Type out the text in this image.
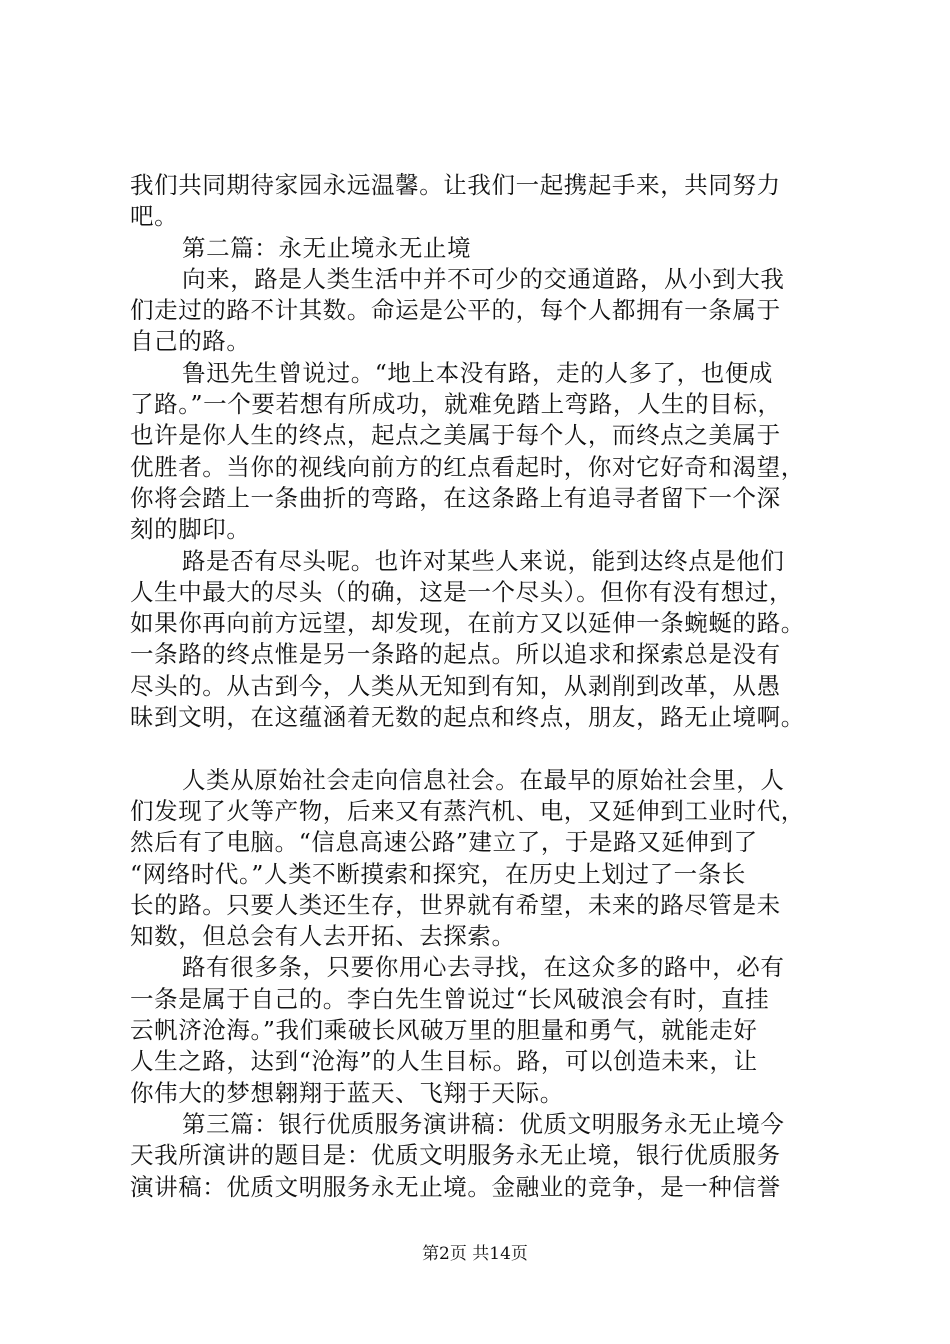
我们共同期待家园永远温馨。让我们一起携起手来，共同努力
吧。
第二篇：永无止境永无止境
向来，路是人类生活中并不可少的交通道路，从小到大我
们走过的路不计其数。命运是公平的，每个人都拥有一条属于
自己的路。
鲁迅先生曾说过。“地上本没有路，走的人多了，也便成
了路。”一个要若想有所成功，就难免踏上弯路，人生的目标，
也许是你人生的终点，起点之美属于每个人，而终点之美属于
优胜者。当你的视线向前方的红点看起时，你对它好奇和渴望，
你将会踏上一条曲折的弯路，在这条路上有追寻者留下一个深
刻的脚印。
路是否有尽头呢。也许对某些人来说，能到达终点是他们
人生中最大的尽头（的确，这是一个尽头）。但你有没有想过，
如果你再向前方远望，却发现，在前方又以延伸一条蜿蜒的路。
一条路的终点惟是另一条路的起点。所以追求和探索总是没有
尽头的。从古到今，人类从无知到有知，从剥削到改革，从愚
昧到文明，在这蕴涵着无数的起点和终点，朋友，路无止境啊。
人类从原始社会走向信息社会。在最早的原始社会里，人
们发现了火等产物，后来又有蒸汽机、电，又延伸到工业时代，
然后有了电脑。“信息高速公路”建立了，于是路又延伸到了
“网络时代。”人类不断摸索和探究，在历史上划过了一条长
长的路。只要人类还生存，世界就有希望，未来的路尽管是未
知数，但总会有人去开拓、去探索。
路有很多条，只要你用心去寻找，在这众多的路中，必有
一条是属于自己的。李白先生曾说过“长风破浪会有时，直挂
云帆济沧海。”我们乘破长风破万里的胆量和勇气，就能走好
人生之路，达到“沧海”的人生目标。路，可以创造未来，让
你伟大的梦想翱翔于蓝天、飞翔于天际。
第三篇：银行优质服务演讲稿：优质文明服务永无止境今
天我所演讲的题目是：优质文明服务永无止境，银行优质服务
演讲稿：优质文明服务永无止境。金融业的竞争，是一种信誉
第2页 共14页
